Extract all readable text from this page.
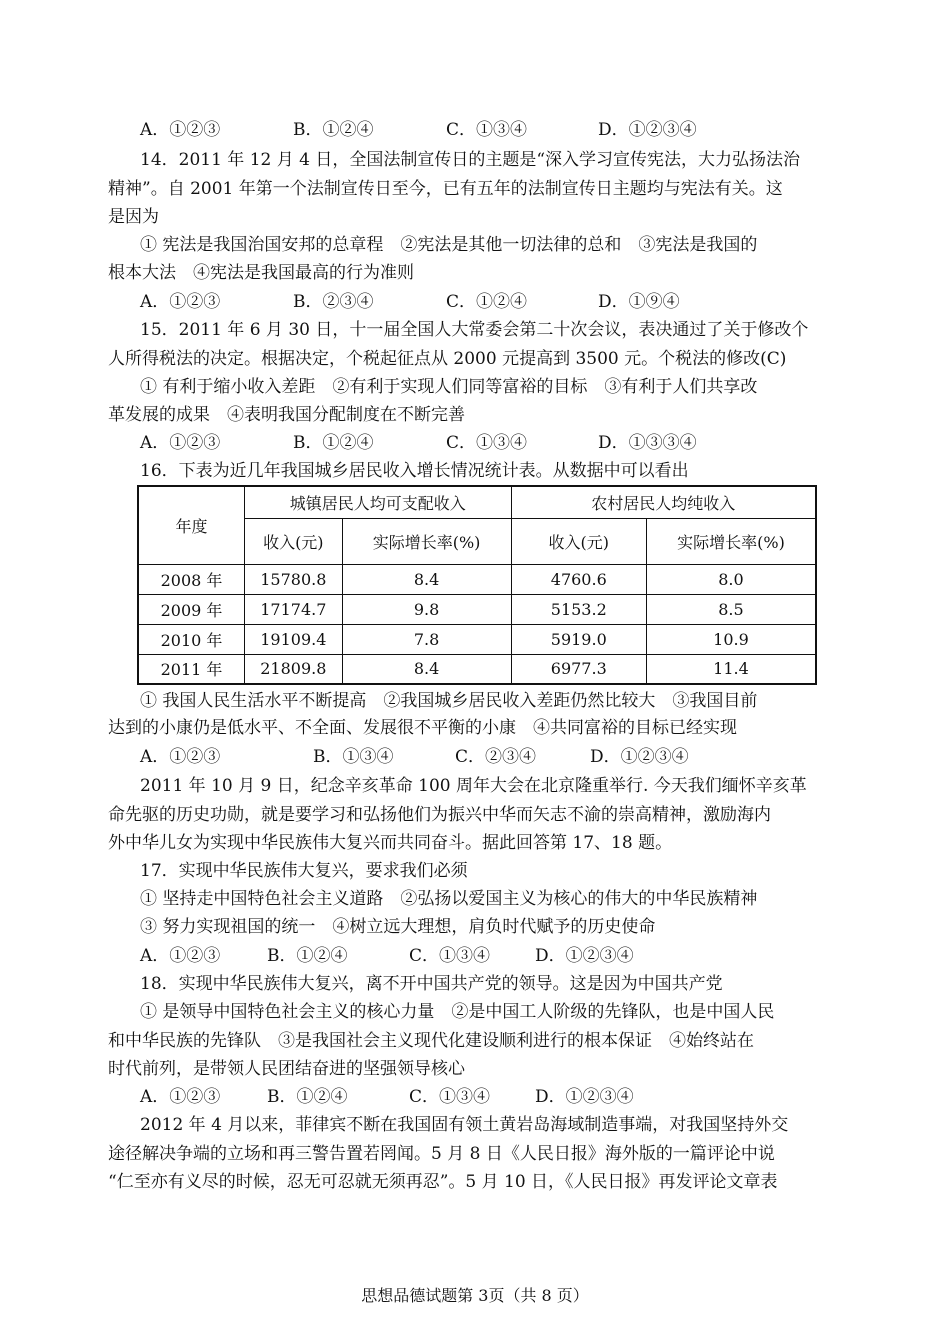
A．①②③	B．①②④	C．①③④	D．①②③④
14．2011 年 12 月 4 日，全国法制宣传日的主题是“深入学习宣传宪法，大力弘扬法治
精神”。自 2001 年第一个法制宣传日至今，已有五年的法制宣传日主题均与宪法有关。这
是因为
① 宪法是我国治国安邦的总章程　②宪法是其他一切法律的总和　③宪法是我国的
根本大法　④宪法是我国最高的行为准则
A．①②③	B．②③④	C．①②④	D．①⑨④
15．2011 年 6 月 30 日，十一届全国人大常委会第二十次会议，表决通过了关于修改个
人所得税法的决定。根据决定，个税起征点从 2000 元提高到 3500 元。个税法的修改(C)
① 有利于缩小收入差距　②有利于实现人们同等富裕的目标　③有利于人们共享改
革发展的成果　④表明我国分配制度在不断完善
A．①②③	B．①②④	C．①③④	D．①③③④
16．下表为近几年我国城乡居民收入增长情况统计表。从数据中可以看出
年度	城镇居民人均可支配收入		农村居民人均纯收入	
	收入(元)	实际增长率(%)	收入(元)	实际增长率(%)
2008 年	15780.8	8.4	4760.6	8.0
2009 年	17174.7	9.8	5153.2	8.5
2010 年	19109.4	7.8	5919.0	10.9
2011 年	21809.8	8.4	6977.3	11.4
① 我国人民生活水平不断提高　②我国城乡居民收入差距仍然比较大　③我国目前
达到的小康仍是低水平、不全面、发展很不平衡的小康　④共同富裕的目标已经实现
A．①②③	B．①③④	C．②③④	D．①②③④
2011 年 10 月 9 日，纪念辛亥革命 100 周年大会在北京隆重举行. 今天我们缅怀辛亥革
命先驱的历史功勋，就是要学习和弘扬他们为振兴中华而矢志不渝的崇高精神，激励海内
外中华儿女为实现中华民族伟大复兴而共同奋斗。据此回答第 17、18 题。
17．实现中华民族伟大复兴，要求我们必须
① 坚持走中国特色社会主义道路　②弘扬以爱国主义为核心的伟大的中华民族精神
③ 努力实现祖国的统一　④树立远大理想，肩负时代赋予的历史使命
A．①②③	B．①②④	C．①③④	D．①②③④
18．实现中华民族伟大复兴，离不开中国共产党的领导。这是因为中国共产党
① 是领导中国特色社会主义的核心力量　②是中国工人阶级的先锋队，也是中国人民
和中华民族的先锋队　③是我国社会主义现代化建设顺利进行的根本保证　④始终站在
时代前列，是带领人民团结奋进的坚强领导核心
A．①②③	B．①②④	C．①③④	D．①②③④
2012 年 4 月以来，菲律宾不断在我国固有领土黄岩岛海域制造事端，对我国坚持外交
途径解决争端的立场和再三警告置若罔闻。5 月 8 日《人民日报》海外版的一篇评论中说
“仁至亦有义尽的时候，忍无可忍就无须再忍”。5 月 10 日，《人民日报》再发评论文章表
思想品德试题第 3页（共 8 页）
